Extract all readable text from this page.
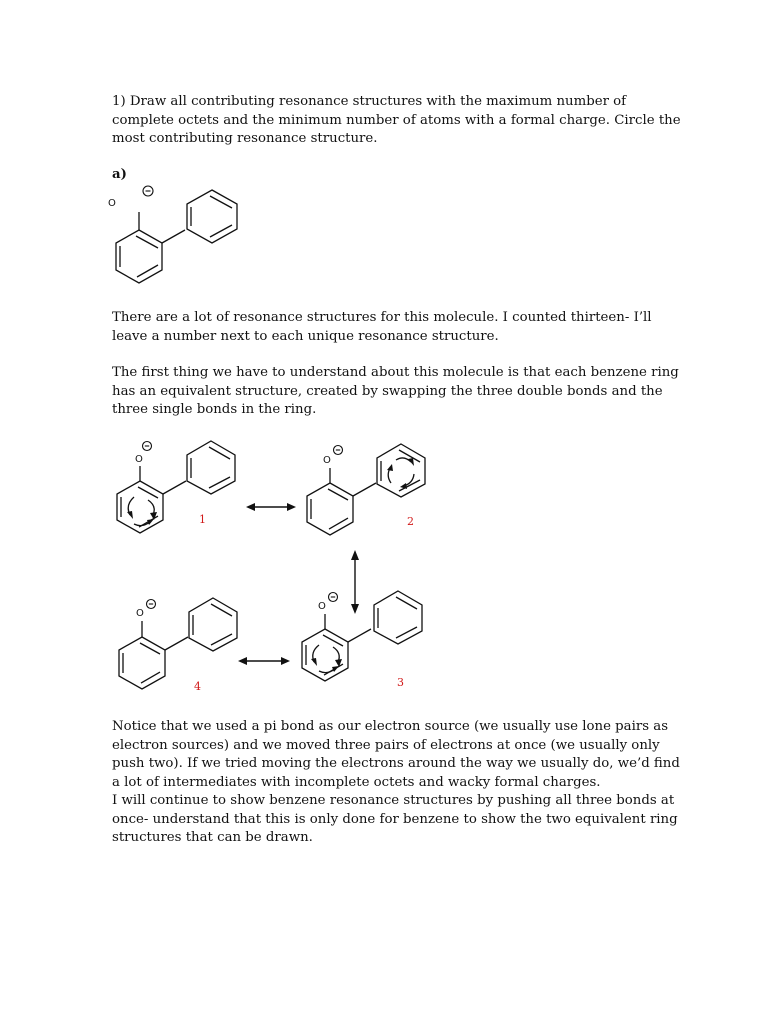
1) Draw all contributing resonance structures with the maximum number of
complete octets and the minimum number of atoms with a formal charge. Circle the
most contributing resonance structure.
a)
O
There are a lot of resonance structures for this molecule. I counted thirteen- I’ll
leave a number next to each unique resonance structure.
The first thing we have to understand about this molecule is that each benzene ring
has an equivalent structure, created by swapping the three double bonds and the
three single bonds in the ring.
O
1
O
2
O
4
O
3
Notice that we used a pi bond as our electron source (we usually use lone pairs as
electron sources) and we moved three pairs of electrons at once (we usually only
push two). If we tried moving the electrons around the way we usually do, we’d find
a lot of intermediates with incomplete octets and wacky formal charges.
I will continue to show benzene resonance structures by pushing all three bonds at
once- understand that this is only done for benzene to show the two equivalent ring
structures that can be drawn.
